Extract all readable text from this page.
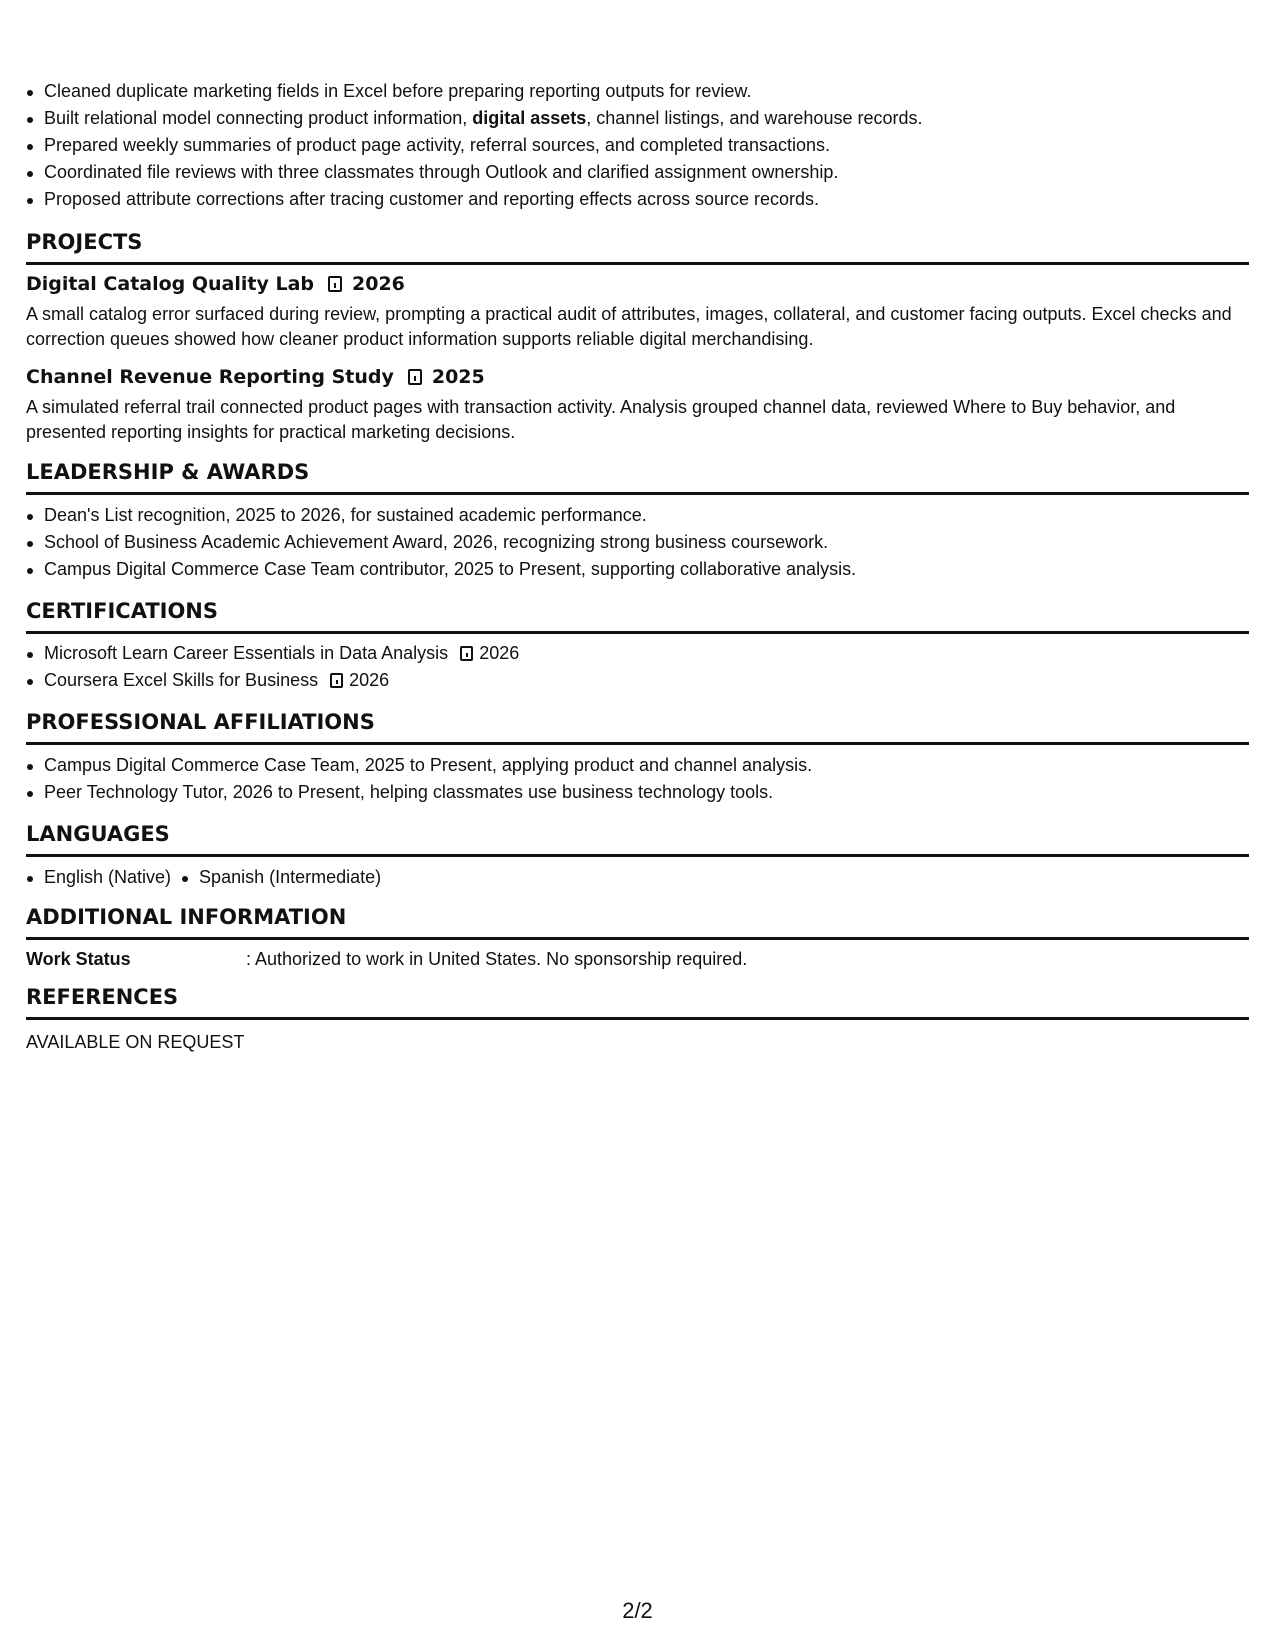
Cleaned duplicate marketing fields in Excel before preparing reporting outputs for review.
Built relational model connecting product information, digital assets, channel listings, and warehouse records.
Prepared weekly summaries of product page activity, referral sources, and completed transactions.
Coordinated file reviews with three classmates through Outlook and clarified assignment ownership.
Proposed attribute corrections after tracing customer and reporting effects across source records.
PROJECTS
Digital Catalog Quality Lab 2026
A small catalog error surfaced during review, prompting a practical audit of attributes, images, collateral, and customer facing outputs. Excel checks and correction queues showed how cleaner product information supports reliable digital merchandising.
Channel Revenue Reporting Study 2025
A simulated referral trail connected product pages with transaction activity. Analysis grouped channel data, reviewed Where to Buy behavior, and presented reporting insights for practical marketing decisions.
LEADERSHIP & AWARDS
Dean's List recognition, 2025 to 2026, for sustained academic performance.
School of Business Academic Achievement Award, 2026, recognizing strong business coursework.
Campus Digital Commerce Case Team contributor, 2025 to Present, supporting collaborative analysis.
CERTIFICATIONS
Microsoft Learn Career Essentials in Data Analysis 2026
Coursera Excel Skills for Business 2026
PROFESSIONAL AFFILIATIONS
Campus Digital Commerce Case Team, 2025 to Present, applying product and channel analysis.
Peer Technology Tutor, 2026 to Present, helping classmates use business technology tools.
LANGUAGES
English (Native) Spanish (Intermediate)
ADDITIONAL INFORMATION
Work Status	: Authorized to work in United States. No sponsorship required.
REFERENCES
AVAILABLE ON REQUEST
2/2
